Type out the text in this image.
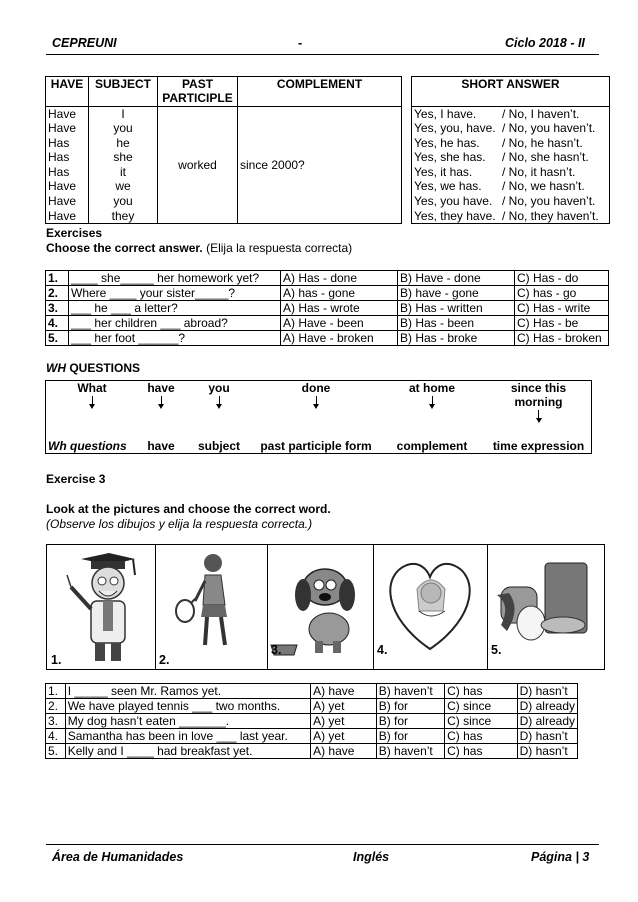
CEPREUNI	-	Ciclo 2018 - II
HAVE	SUBJECT	PAST PARTICIPLE	COMPLEMENT
Have	I	worked	since 2000?
Have	you		
Has	he		
Has	she		
Has	it		
Have	we		
Have	you		
Have	they		
SHORT ANSWER
Yes, I have. / No, I haven’t.
Yes, you, have. / No, you haven’t.
Yes, he has. / No, he hasn’t.
Yes, she has. / No, she hasn’t.
Yes, it has. / No, it hasn’t.
Yes, we has. / No, we hasn’t.
Yes, you have. / No, you haven’t.
Yes, they have. / No, they haven’t.
Exercises
Choose the correct answer. (Elija la respuesta correcta)
1.	____ she_____ her homework yet?	A) Has - done	B) Have - done	C) Has - do
2.	Where ____ your sister_____?	A) has - gone	B) have - gone	C) has - go
3.	___ he ___ a letter?	A) Has - wrote	B) Has - written	C) Has - write
4.	___ her children ___ abroad?	A) Have - been	B) Has - been	C) Has - be
5.	___ her foot ______?	A) Have - broken	B) Has - broke	C) Has - broken
WH QUESTIONS
What	have	you	done	at home	since this morning

Wh questions	have	subject	past participle form	complement	time expression
Exercise 3
Look at the pictures and choose the correct word.
(Observe los dibujos y elija la respuesta correcta.)
1.	2.
3.	4.	5.
1.	I _____ seen Mr. Ramos yet.	A) have	B) haven’t	C) has	D) hasn’t
2.	We have played tennis ___ two months.	A) yet	B) for	C) since	D) already
3.	My dog hasn’t eaten _______.	A) yet	B) for	C) since	D) already
4.	Samantha has been in love ___ last year.	A) yet	B) for	C) has	D) hasn’t
5.	Kelly and I ____ had breakfast yet.	A) have	B) haven’t	C) has	D) hasn’t
Área de Humanidades	Inglés	Página | 3
